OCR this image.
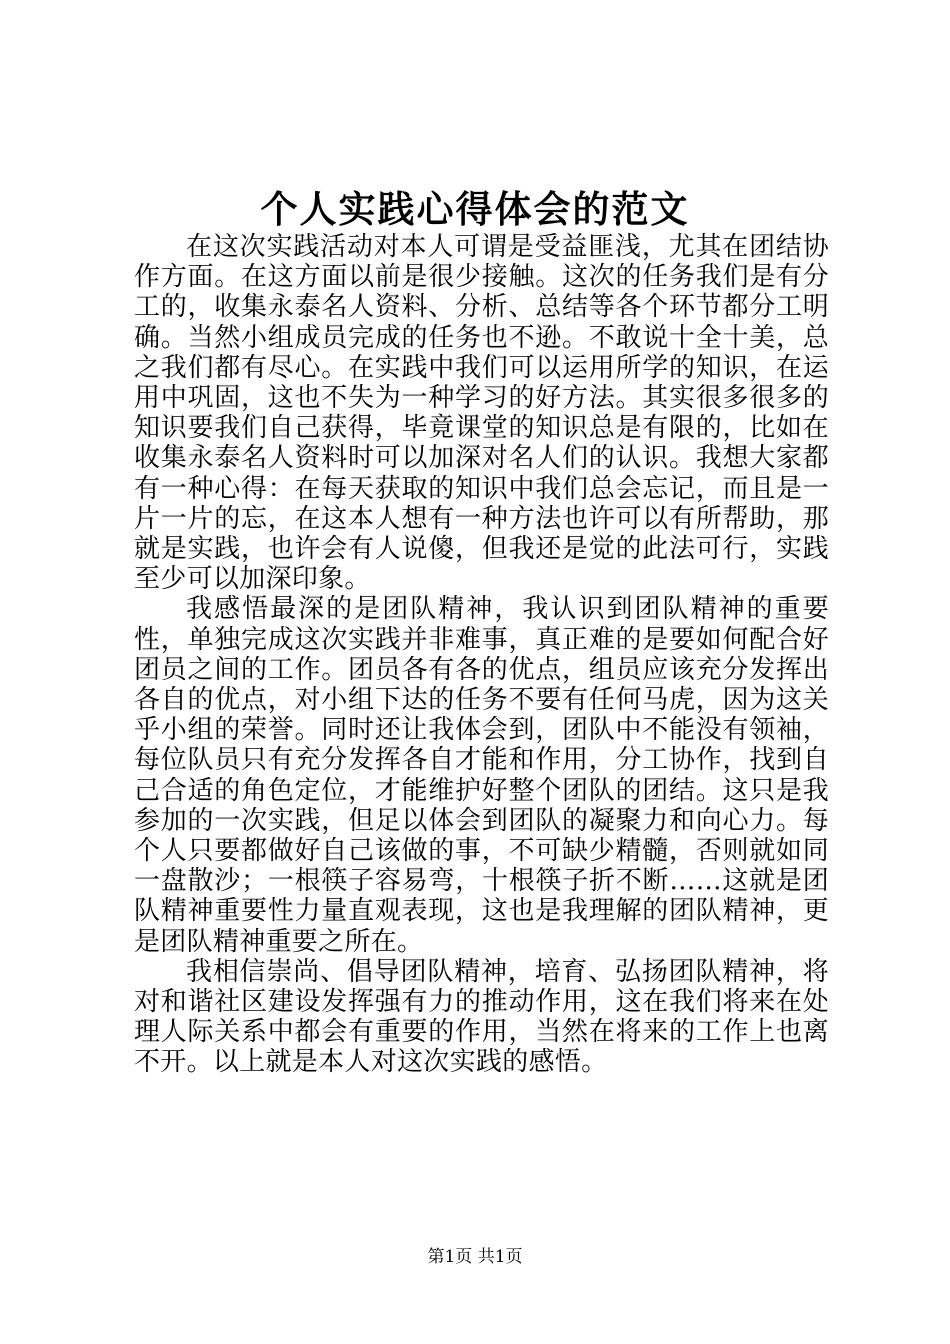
个人实践心得体会的范文

在这次实践活动对本人可谓是受益匪浅，尤其在团结协作方面。在这方面以前是很少接触。这次的任务我们是有分工的，收集永泰名人资料、分析、总结等各个环节都分工明确。当然小组成员完成的任务也不逊。不敢说十全十美，总之我们都有尽心。在实践中我们可以运用所学的知识，在运用中巩固，这也不失为一种学习的好方法。其实很多很多的知识要我们自己获得，毕竟课堂的知识总是有限的，比如在收集永泰名人资料时可以加深对名人们的认识。我想大家都有一种心得：在每天获取的知识中我们总会忘记，而且是一片一片的忘，在这本人想有一种方法也许可以有所帮助，那就是实践，也许会有人说傻，但我还是觉的此法可行，实践至少可以加深印象。

我感悟最深的是团队精神，我认识到团队精神的重要性，单独完成这次实践并非难事，真正难的是要如何配合好团员之间的工作。团员各有各的优点，组员应该充分发挥出各自的优点，对小组下达的任务不要有任何马虎，因为这关乎小组的荣誉。同时还让我体会到，团队中不能没有领袖，每位队员只有充分发挥各自才能和作用，分工协作，找到自己合适的角色定位，才能维护好整个团队的团结。这只是我参加的一次实践，但足以体会到团队的凝聚力和向心力。每个人只要都做好自己该做的事，不可缺少精髓，否则就如同一盘散沙；一根筷子容易弯，十根筷子折不断……这就是团队精神重要性力量直观表现，这也是我理解的团队精神，更是团队精神重要之所在。

我相信崇尚、倡导团队精神，培育、弘扬团队精神，将对和谐社区建设发挥强有力的推动作用，这在我们将来在处理人际关系中都会有重要的作用，当然在将来的工作上也离不开。以上就是本人对这次实践的感悟。

第1页 共1页
